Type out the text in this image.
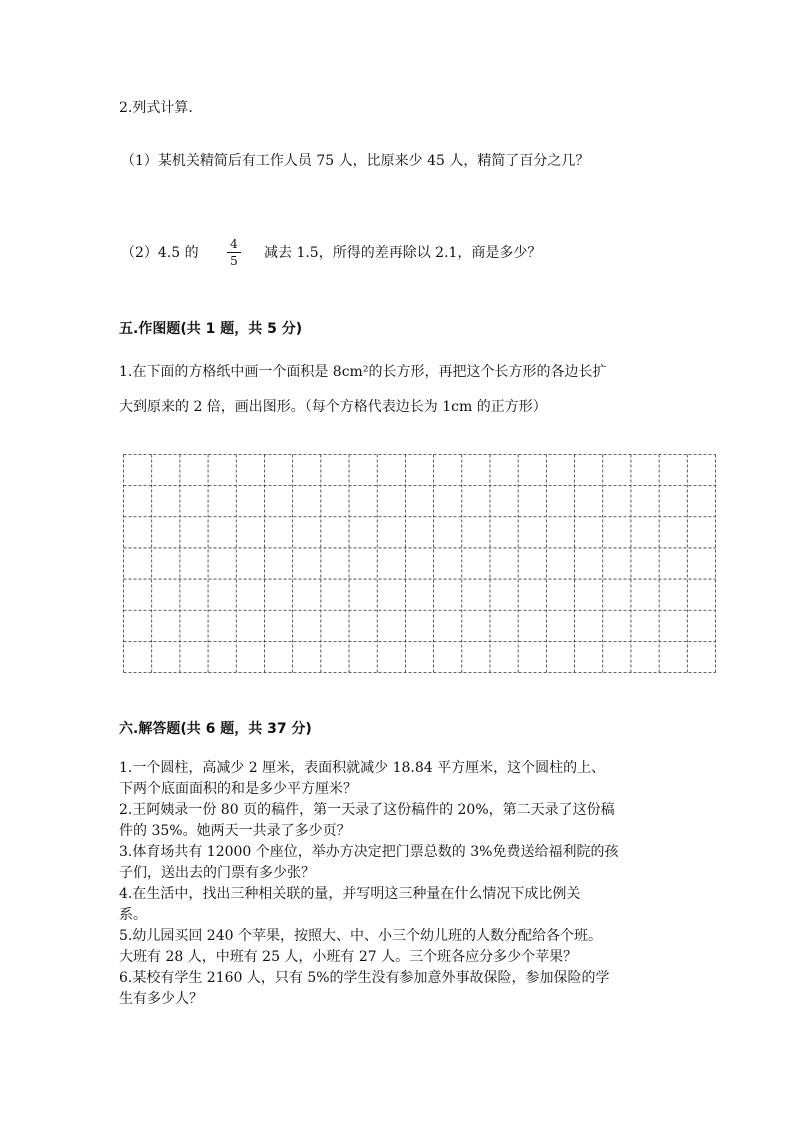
2.列式计算.
（1）某机关精简后有工作人员 75 人，比原来少 45 人，精简了百分之几？
（2）4.5 的
4
5	减去 1.5，所得的差再除以 2.1，商是多少？
五.作图题(共 1 题，共 5 分)
1.在下面的方格纸中画一个面积是 8cm²的长方形，再把这个长方形的各边长扩
大到原来的 2 倍，画出图形。（每个方格代表边长为 1cm 的正方形）
六.解答题(共 6 题，共 37 分)
1.一个圆柱，高减少 2 厘米，表面积就减少 18.84 平方厘米，这个圆柱的上、
下两个底面面积的和是多少平方厘米？
2.王阿姨录一份 80 页的稿件，第一天录了这份稿件的 20%，第二天录了这份稿
件的 35%。她两天一共录了多少页？
3.体育场共有 12000 个座位，举办方决定把门票总数的 3%免费送给福利院的孩
子们，送出去的门票有多少张？
4.在生活中，找出三种相关联的量，并写明这三种量在什么情况下成比例关
系。
5.幼儿园买回 240 个苹果，按照大、中、小三个幼儿班的人数分配给各个班。
大班有 28 人，中班有 25 人，小班有 27 人。三个班各应分多少个苹果？
6.某校有学生 2160 人，只有 5%的学生没有参加意外事故保险，参加保险的学
生有多少人？
